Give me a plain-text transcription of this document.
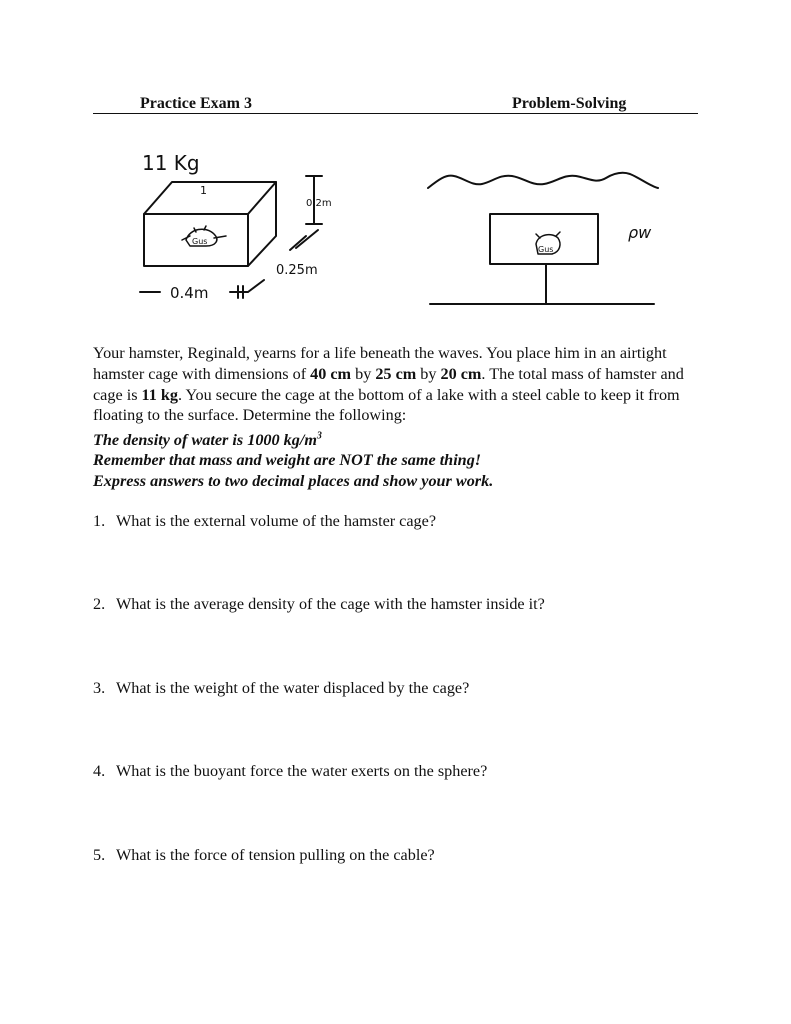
Practice Exam 3	Problem-Solving
11 Kg
1
0.2m
0.25m
0.4m
Gus	ρw
Gus
Your hamster, Reginald, yearns for a life beneath the waves. You place him in an airtight hamster cage with dimensions of 40 cm by 25 cm by 20 cm. The total mass of hamster and cage is 11 kg. You secure the cage at the bottom of a lake with a steel cable to keep it from floating to the surface. Determine the following:
The density of water is 1000 $kg/m^3$
Remember that mass and weight are NOT the same thing!
Express answers to two decimal places and show your work.
1. What is the external volume of the hamster cage?
2. What is the average density of the cage with the hamster inside it?
3. What is the weight of the water displaced by the cage?
4. What is the buoyant force the water exerts on the sphere?
5. What is the force of tension pulling on the cable?
